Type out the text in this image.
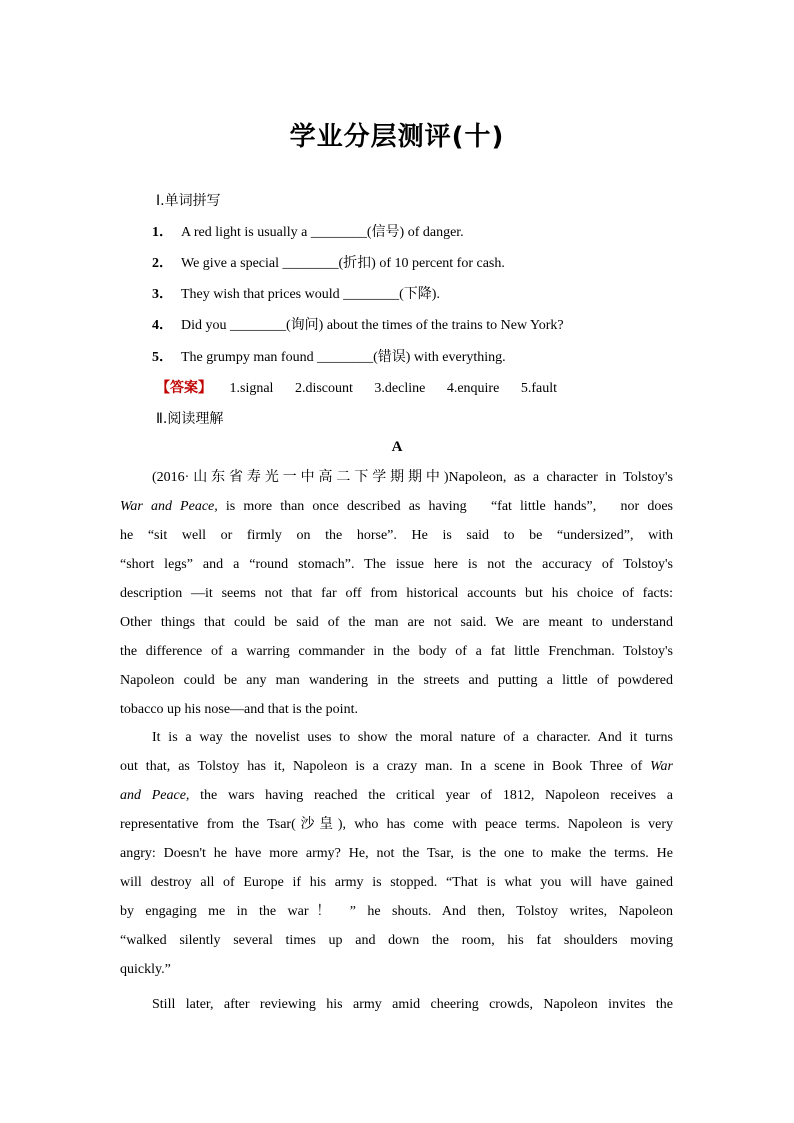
学业分层测评(十)
Ⅰ.单词拼写
1． A red light is usually a ________(信号) of danger.
2． We give a special ________(折扣) of 10 percent for cash.
3． They wish that prices would ________(下降).
4． Did you ________(询问) about the times of the trains to New York?
5． The grumpy man found ________(错误) with everything.
【答案】 1.signal 2.discount 3.decline 4.enquire 5.fault
Ⅱ.阅读理解
A
(2016·山东省寿光一中高二下学期期中)Napoleon, as a character in Tolstoy's
War and Peace, is more than once described as having   “fat little hands”,   nor does
he “sit well or firmly on the horse”. He is said to be “undersized”, with
“short legs” and a “round stomach”. The issue here is not the accuracy of Tolstoy's
description —it seems not that far off from historical accounts but his choice of facts:
Other things that could be said of the man are not said. We are meant to understand
the difference of a warring commander in the body of a fat little Frenchman. Tolstoy's
Napoleon could be any man wandering in the streets and putting a little of powdered
tobacco up his nose—and that is the point.
It is a way the novelist uses to show the moral nature of a character. And it turns
out that, as Tolstoy has it, Napoleon is a crazy man. In a scene in Book Three of War
and Peace, the wars having reached the critical year of 1812, Napoleon receives a
representative from the Tsar(沙皇), who has come with peace terms. Napoleon is very
angry: Doesn't he have more army? He, not the Tsar, is the one to make the terms. He
will destroy all of Europe if his army is stopped. “That is what you will have gained
by engaging me in the war！ ” he shouts. And then, Tolstoy writes, Napoleon
“walked silently several times up and down the room, his fat shoulders moving
quickly.”
Still later, after reviewing his army amid cheering crowds, Napoleon invites the
